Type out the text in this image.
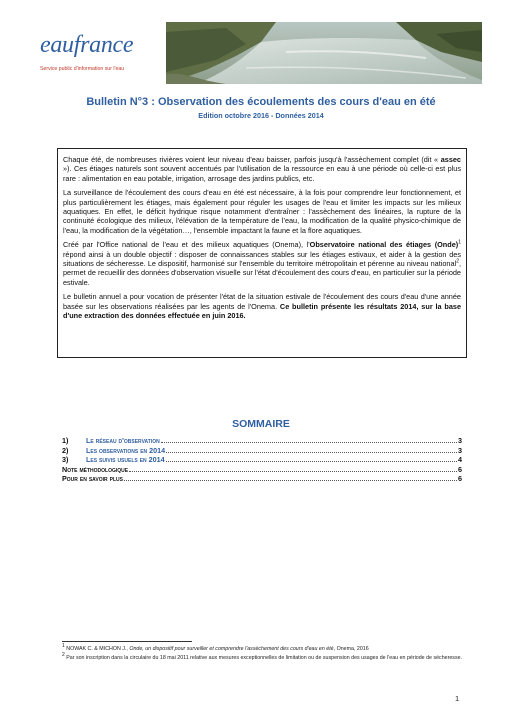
eaufrance
Service public d'information sur l'eau
Bulletin N°3 : Observation des écoulements des cours d'eau en été
Edition octobre 2016 - Données 2014

Chaque été, de nombreuses rivières voient leur niveau d'eau baisser, parfois jusqu'à l'assèchement complet (dit « assec »). Ces étiages naturels sont souvent accentués par l'utilisation de la ressource en eau à une période où celle-ci est plus rare : alimentation en eau potable, irrigation, arrosage des jardins publics, etc.

La surveillance de l'écoulement des cours d'eau en été est nécessaire, à la fois pour comprendre leur fonctionnement, et plus particulièrement les étiages, mais également pour réguler les usages de l'eau et limiter les impacts sur les milieux aquatiques. En effet, le déficit hydrique risque notamment d'entraîner : l'assèchement des linéaires, la rupture de la continuité écologique des milieux, l'élévation de la température de l'eau, la modification de la qualité physico-chimique de l'eau, la modification de la végétation…, l'ensemble impactant la faune et la flore aquatiques.

Créé par l'Office national de l'eau et des milieux aquatiques (Onema), l'Observatoire national des étiages (Onde)$^1$ répond ainsi à un double objectif : disposer de connaissances stables sur les étiages estivaux, et aider à la gestion des situations de sécheresse. Le dispositif, harmonisé sur l'ensemble du territoire métropolitain et pérenne au niveau national$^2$, permet de recueillir des données d'observation visuelle sur l'état d'écoulement des cours d'eau, en particulier sur la période estivale.

Le bulletin annuel a pour vocation de présenter l'état de la situation estivale de l'écoulement des cours d'eau d'une année basée sur les observations réalisées par les agents de l'Onema. Ce bulletin présente les résultats 2014, sur la base d'une extraction des données effectuée en juin 2016.

SOMMAIRE
1)	Le réseau d'observation	3
2)	Les observations en 2014	3
3)	Les suivis usuels en 2014	4
Note méthodologique	6
Pour en savoir plus	6

$^1$ NOWAK C. & MICHON J., Onde, un dispositif pour surveiller et comprendre l'assèchement des cours d'eau en été, Onema, 2016

$^2$ Par son inscription dans la circulaire du 18 mai 2011 relative aux mesures exceptionnelles de limitation ou de suspension des usages de l'eau en période de sécheresse.

1
